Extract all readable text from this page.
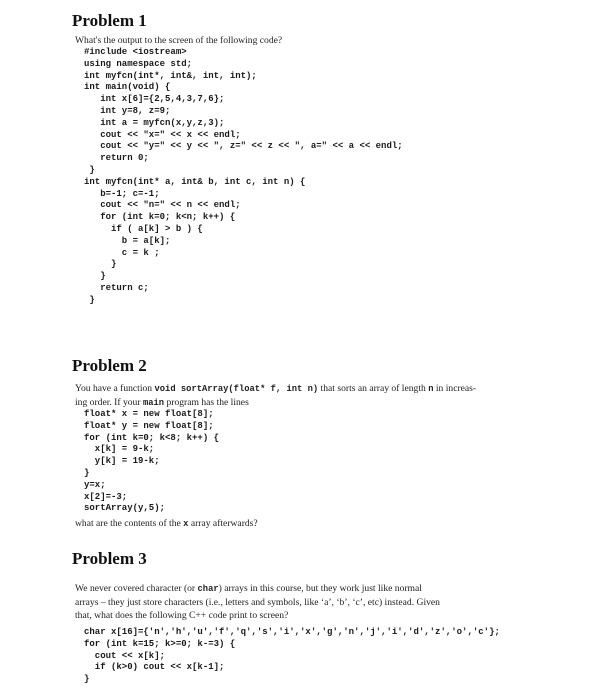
Problem 1
What's the output to the screen of the following code?
#include <iostream>
using namespace std;
int myfcn(int*, int&, int, int);
int main(void) {
int x[6]={2,5,4,3,7,6};
int y=8, z=9;
int a = myfcn(x,y,z,3);
cout << "x=" << x << endl;
cout << "y=" << y << ", z=" << z << ", a=" << a << endl;
return 0;
}
int myfcn(int* a, int& b, int c, int n) {
b=-1; c=-1;
cout << "n=" << n << endl;
for (int k=0; k<n; k++) {
if ( a[k] > b ) {
b = a[k];
c = k ;
}
}
return c;
}
Problem 2
You have a function void sortArray(float* f, int n) that sorts an array of length n in increas-
ing order. If your main program has the lines
float* x = new float[8];
float* y = new float[8];
for (int k=0; k<8; k++) {
x[k] = 9-k;
y[k] = 19-k;
}
y=x;
x[2]=-3;
sortArray(y,5);
what are the contents of the x array afterwards?
Problem 3
We never covered character (or char) arrays in this course, but they work just like normal
arrays – they just store characters (i.e., letters and symbols, like ‘a’, ‘b’, ‘c’, etc) instead. Given
that, what does the following C++ code print to screen?
char x[16]={'n','h','u','f','q','s','i','x','g','n','j','i','d','z','o','c'};
for (int k=15; k>=0; k-=3) {
cout << x[k];
if (k>0) cout << x[k-1];
}
